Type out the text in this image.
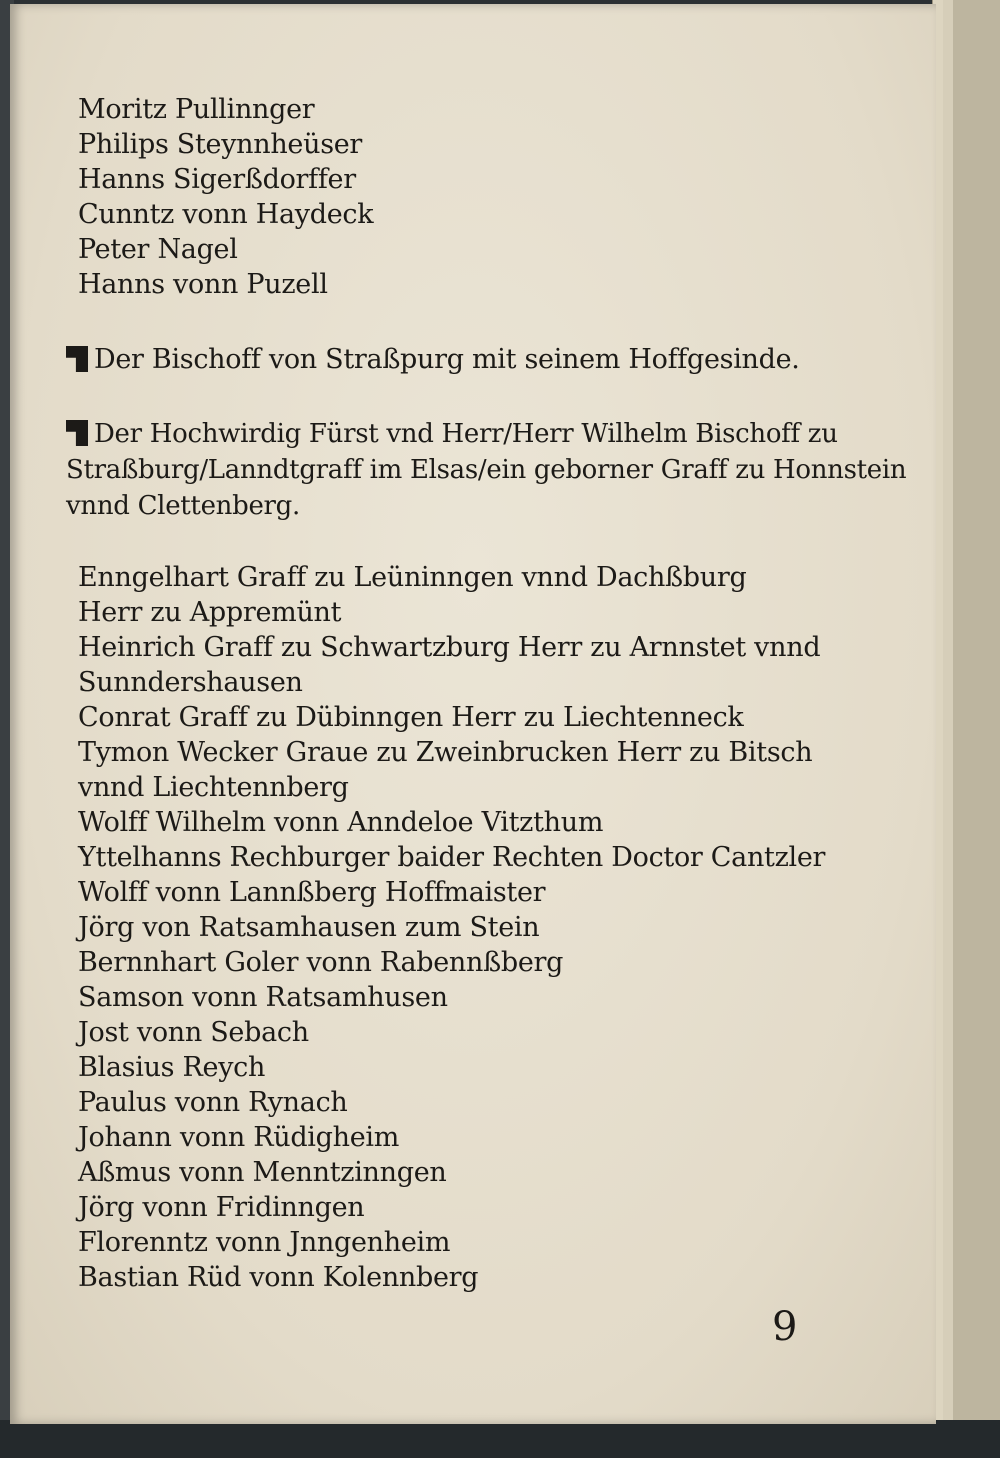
Moritz Pullinnger
Philips Steynnheüser
Hanns Sigerßdorffer
Cunntz vonn Haydeck
Peter Nagel
Hanns vonn Puzell
Der Bischoff von Straßpurg mit seinem Hoffgesinde.
Der Hochwirdig Fürst vnd Herr/Herr Wilhelm Bischoff zu Straßburg/Lanndtgraff im Elsas/ein geborner Graff zu Honnstein vnnd Clettenberg.
Enngelhart Graff zu Leüninngen vnnd Dachßburg
Herr zu Appremünt
Heinrich Graff zu Schwartzburg Herr zu Arnnstet vnnd
Sunndershausen
Conrat Graff zu Dübinngen Herr zu Liechtenneck
Tymon Wecker Graue zu Zweinbrucken Herr zu Bitsch
vnnd Liechtennberg
Wolff Wilhelm vonn Anndeloe Vitzthum
Yttelhanns Rechburger baider Rechten Doctor Cantzler
Wolff vonn Lannßberg Hoffmaister
Jörg von Ratsamhausen zum Stein
Bernnhart Goler vonn Rabennßberg
Samson vonn Ratsamhusen
Jost vonn Sebach
Blasius Reych
Paulus vonn Rynach
Johann vonn Rüdigheim
Aßmus vonn Menntzinngen
Jörg vonn Fridinngen
Florenntz vonn Jnngenheim
Bastian Rüd vonn Kolennberg
9
